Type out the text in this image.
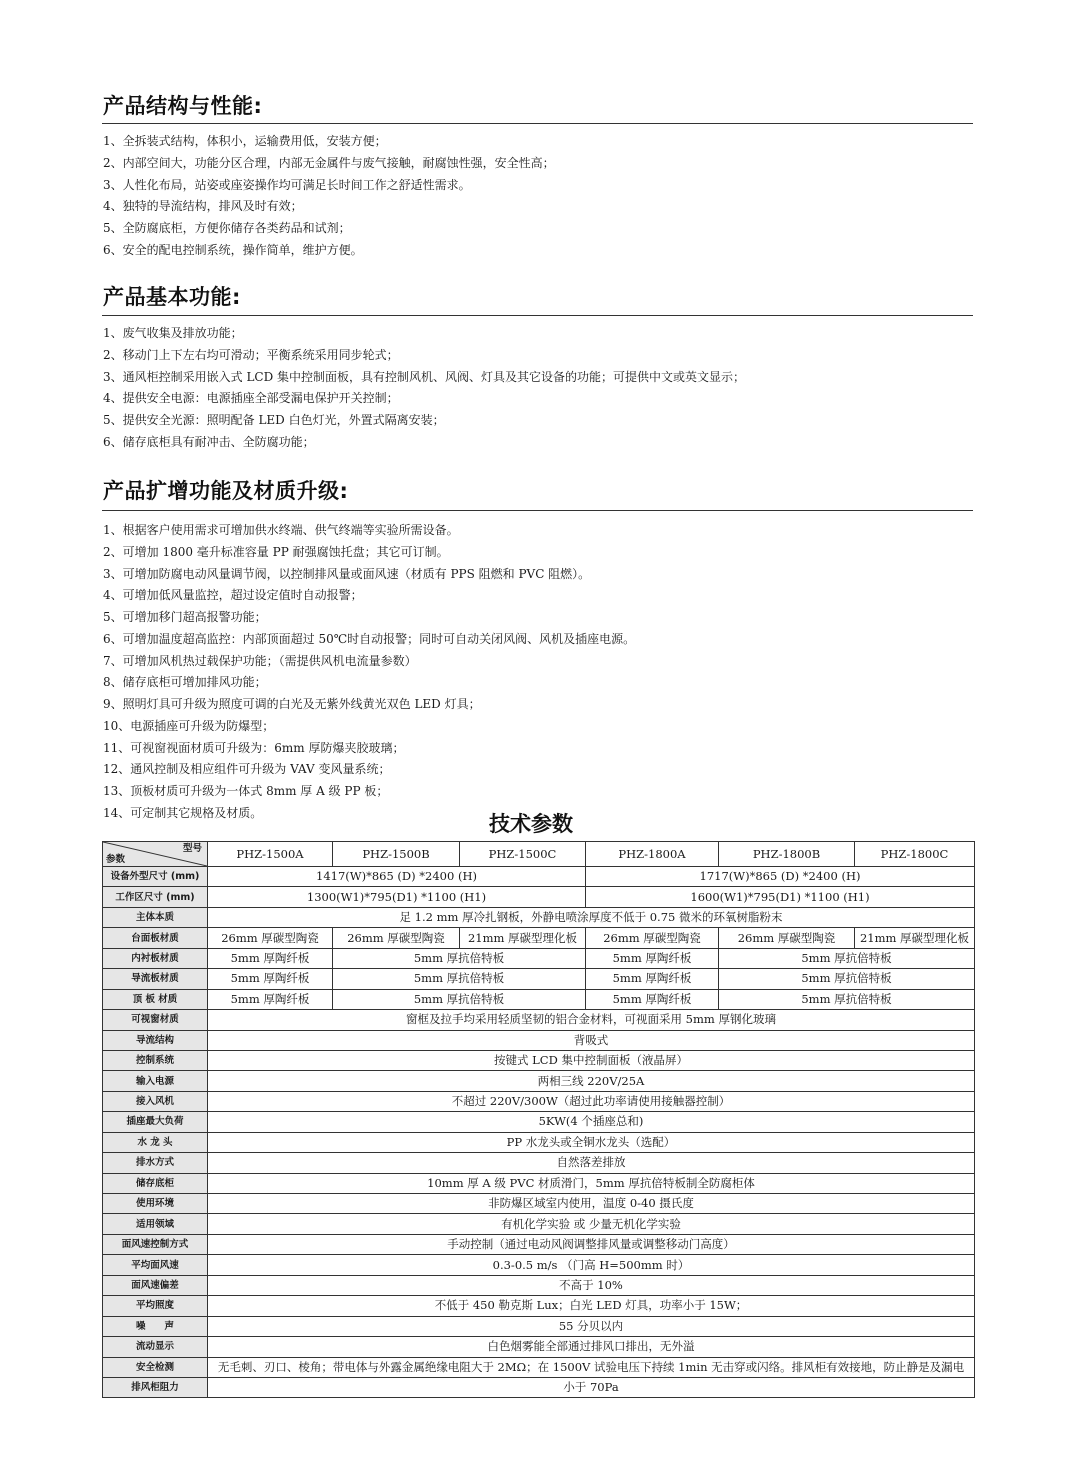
产品结构与性能:
1、全拆装式结构，体积小，运输费用低，安装方便；
2、内部空间大，功能分区合理，内部无金属件与废气接触，耐腐蚀性强，安全性高；
3、人性化布局，站姿或座姿操作均可满足长时间工作之舒适性需求。
4、独特的导流结构，排风及时有效；
5、全防腐底柜，方便你储存各类药品和试剂；
6、安全的配电控制系统，操作简单，维护方便。
产品基本功能:
1、废气收集及排放功能；
2、移动门上下左右均可滑动；平衡系统采用同步轮式；
3、通风柜控制采用嵌入式 LCD 集中控制面板，具有控制风机、风阀、灯具及其它设备的功能；可提供中文或英文显示；
4、提供安全电源：电源插座全部受漏电保护开关控制；
5、提供安全光源：照明配备 LED 白色灯光，外置式隔离安装；
6、储存底柜具有耐冲击、全防腐功能；
产品扩增功能及材质升级:
1、根据客户使用需求可增加供水终端、供气终端等实验所需设备。
2、可增加 1800 毫升标准容量 PP 耐强腐蚀托盘；其它可订制。
3、可增加防腐电动风量调节阀，以控制排风量或面风速（材质有 PPS 阻燃和 PVC 阻燃）。
4、可增加低风量监控，超过设定值时自动报警；
5、可增加移门超高报警功能；
6、可增加温度超高监控：内部顶面超过 50℃时自动报警；同时可自动关闭风阀、风机及插座电源。
7、可增加风机热过载保护功能；（需提供风机电流量参数）
8、储存底柜可增加排风功能；
9、照明灯具可升级为照度可调的白光及无紫外线黄光双色 LED 灯具；
10、电源插座可升级为防爆型；
11、可视窗视面材质可升级为：6mm 厚防爆夹胶玻璃；
12、通风控制及相应组件可升级为 VAV 变风量系统；
13、顶板材质可升级为一体式 8mm 厚 A 级 PP 板；
14、可定制其它规格及材质。	技术参数
型号
参数	PHZ-1500A	PHZ-1500B	PHZ-1500C	PHZ-1800A	PHZ-1800B	PHZ-1800C
设备外型尺寸 (mm)	1417(W)*865 (D) *2400 (H)			1717(W)*865 (D) *2400 (H)		
工作区尺寸 (mm)	1300(W1)*795(D1) *1100 (H1)			1600(W1)*795(D1) *1100 (H1)		
主体本质	足 1.2 mm 厚冷扎钢板，外静电喷涂厚度不低于 0.75 微米的环氧树脂粉末					
台面板材质	26mm 厚碳型陶瓷	26mm 厚碳型陶瓷	21mm 厚碳型理化板	26mm 厚碳型陶瓷	26mm 厚碳型陶瓷	21mm 厚碳型理化板
内衬板材质	5mm 厚陶纤板	5mm 厚抗倍特板		5mm 厚陶纤板	5mm 厚抗倍特板	
导流板材质	5mm 厚陶纤板	5mm 厚抗倍特板		5mm 厚陶纤板	5mm 厚抗倍特板	
顶 板 材质	5mm 厚陶纤板	5mm 厚抗倍特板		5mm 厚陶纤板	5mm 厚抗倍特板	
可视窗材质	窗框及拉手均采用轻质坚韧的铝合金材料，可视面采用 5mm 厚钢化玻璃					
导流结构	背吸式					
控制系统	按键式 LCD 集中控制面板（液晶屏）					
输入电源	两相三线 220V/25A					
接入风机	不超过 220V/300W（超过此功率请使用接触器控制）					
插座最大负荷	5KW(4 个插座总和)					
水 龙 头	PP 水龙头或全铜水龙头（选配）					
排水方式	自然落差排放					
储存底柜	10mm 厚 A 级 PVC 材质滑门，5mm 厚抗倍特板制全防腐柜体					
使用环境	非防爆区域室内使用，温度 0-40 摄氏度					
适用领域	有机化学实验 或 少量无机化学实验					
面风速控制方式	手动控制（通过电动风阀调整排风量或调整移动门高度）					
平均面风速	0.3-0.5 m/s （门高 H=500mm 时）					
面风速偏差	不高于 10%					
平均照度	不低于 450 勒克斯 Lux；白光 LED 灯具，功率小于 15W；					
噪　　声	55 分贝以内					
流动显示	白色烟雾能全部通过排风口排出，无外溢					
安全检测	无毛刺、刃口、棱角；带电体与外露金属绝缘电阻大于 2MΩ；在 1500V 试验电压下持续 1min 无击穿或闪络。排风柜有效接地，防止静是及漏电					
排风柜阻力	小于 70Pa					
